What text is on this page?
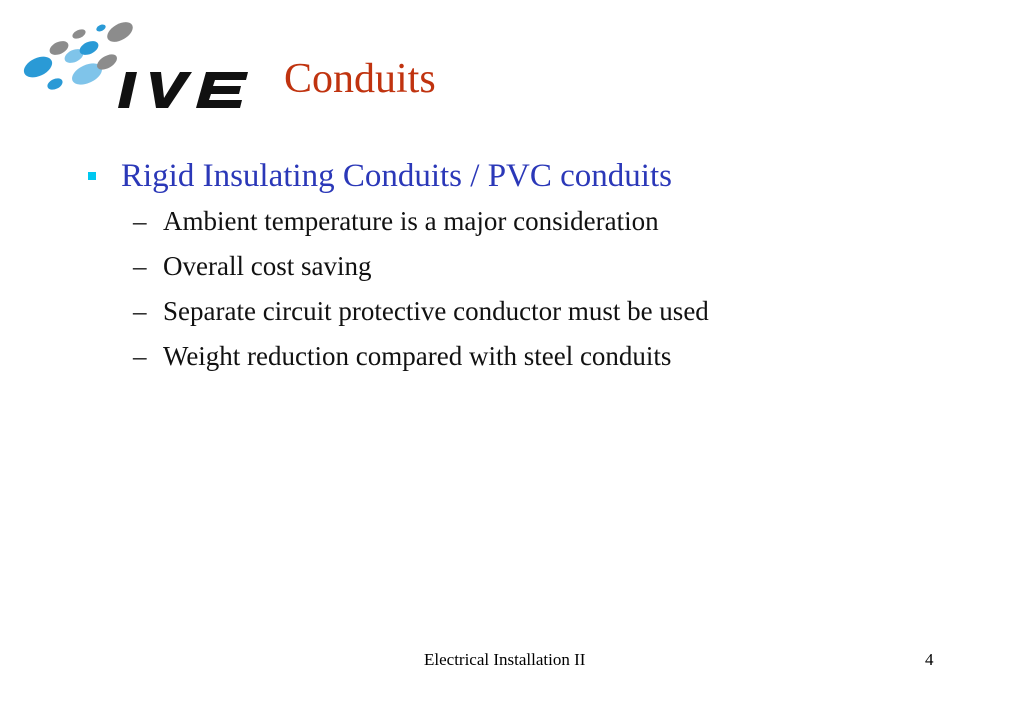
Conduits
Rigid Insulating Conduits / PVC conduits
– Ambient temperature is a major consideration
– Overall cost saving
– Separate circuit protective conductor must be used
– Weight reduction compared with steel conduits
Electrical Installation II	4
